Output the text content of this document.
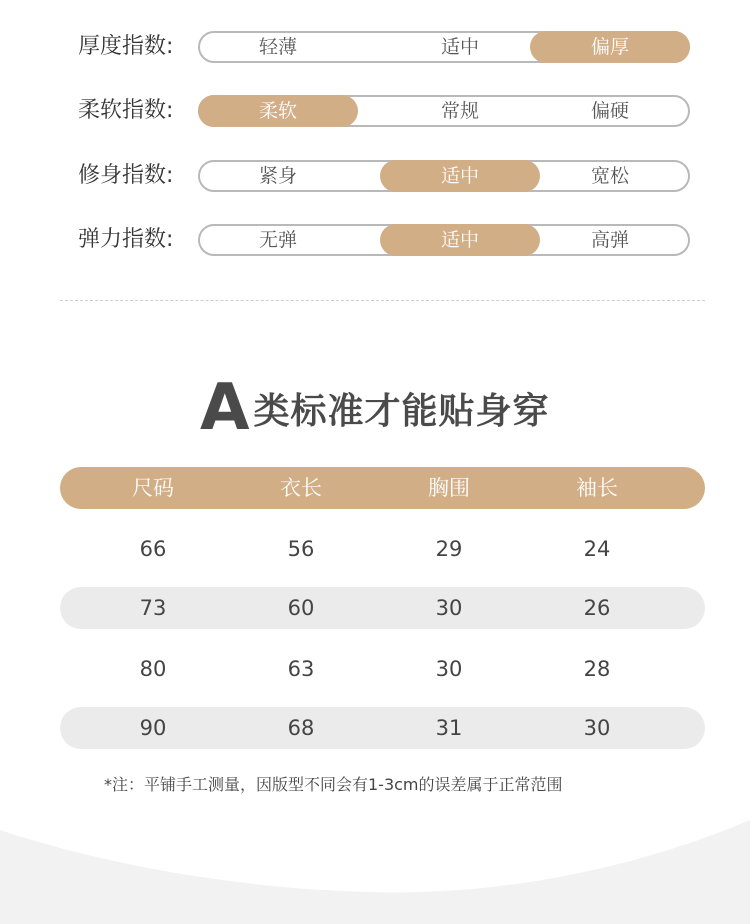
厚度指数:	轻薄	适中	偏厚
柔软指数:	柔软	常规	偏硬
修身指数:	紧身	适中	宽松
弹力指数:	无弹	适中	高弹
A 类标准才能贴身穿
尺码	衣长	胸围	袖长
66	56	29	24
73	60	30	26
80	63	30	28
90	68	31	30
*注：平铺手工测量，因版型不同会有1-3cm的误差属于正常范围
